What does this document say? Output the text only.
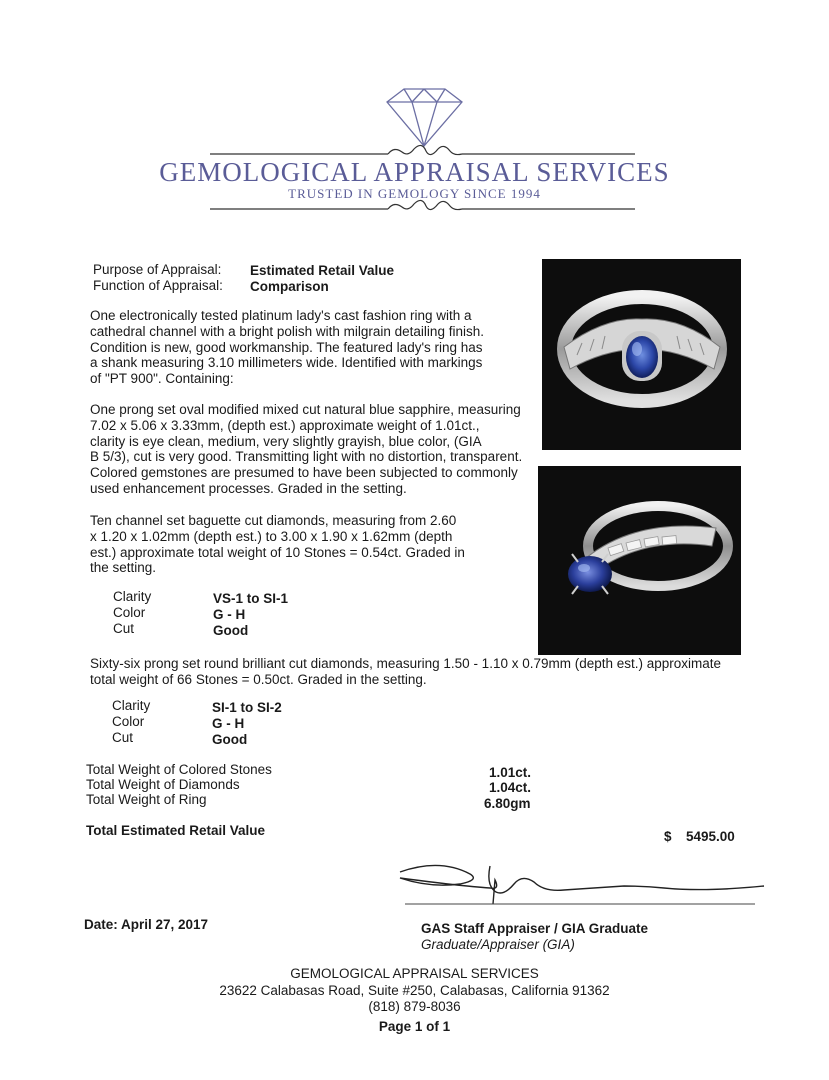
GEMOLOGICAL APPRAISAL SERVICES
TRUSTED IN GEMOLOGY SINCE 1994
Purpose of Appraisal: Estimated Retail Value
Function of Appraisal: Comparison
One electronically tested platinum lady's cast fashion ring with a
cathedral channel with a bright polish with milgrain detailing finish.
Condition is new, good workmanship. The featured lady's ring has
a shank measuring 3.10 millimeters wide. Identified with markings
of "PT 900". Containing:
One prong set oval modified mixed cut natural blue sapphire, measuring
7.02 x 5.06 x 3.33mm, (depth est.) approximate weight of 1.01ct.,
clarity is eye clean, medium, very slightly grayish, blue color, (GIA
B 5/3), cut is very good. Transmitting light with no distortion, transparent.
Colored gemstones are presumed to have been subjected to commonly
used enhancement processes. Graded in the setting.
Ten channel set baguette cut diamonds, measuring from 2.60
x 1.20 x 1.02mm (depth est.) to 3.00 x 1.90 x 1.62mm (depth
est.) approximate total weight of 10 Stones = 0.54ct. Graded in
the setting.
Clarity	VS-1 to SI-1
Color	G - H
Cut	Good
Sixty-six prong set round brilliant cut diamonds, measuring 1.50 - 1.10 x 0.79mm (depth est.) approximate
total weight of 66 Stones = 0.50ct. Graded in the setting.
Clarity	SI-1 to SI-2
Color	G - H
Cut	Good
Total Weight of Colored Stones	1.01ct.
Total Weight of Diamonds	1.04ct.
Total Weight of Ring	6.80gm
Total Estimated Retail Value	$ 5495.00
Date: April 27, 2017	GAS Staff Appraiser / GIA Graduate
Graduate/Appraiser (GIA)
GEMOLOGICAL APPRAISAL SERVICES
23622 Calabasas Road, Suite #250, Calabasas, California 91362
(818) 879-8036
Page 1 of 1
